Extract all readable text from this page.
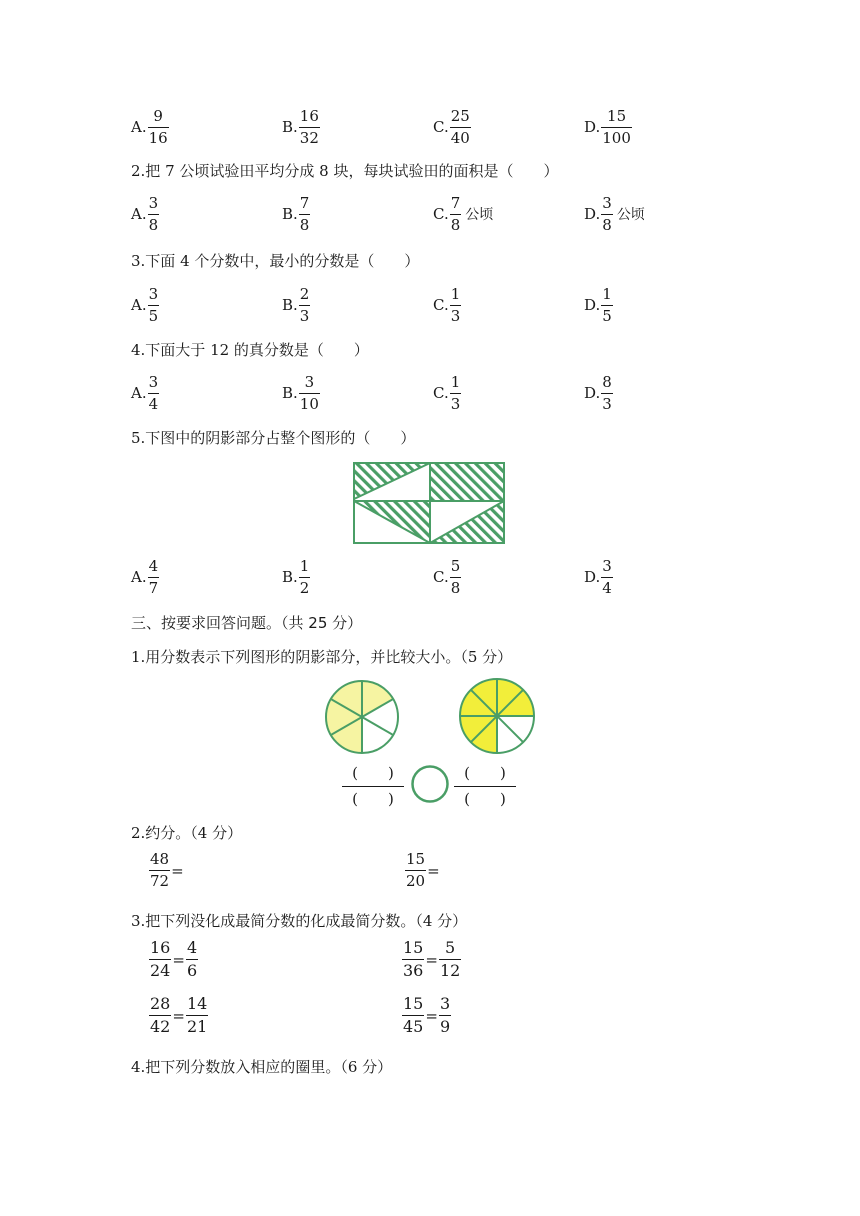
A. $\frac{9}{16}$	B. $\frac{16}{32}$	C. $\frac{25}{40}$	D. $\frac{15}{100}$
2.把 7 公顷试验田平均分成 8 块，每块试验田的面积是（　　）
A. $\frac{3}{8}$	B. $\frac{7}{8}$	C. $\frac{7}{8}$ 公顷	D. $\frac{3}{8}$ 公顷
3.下面 4 个分数中，最小的分数是（　　）
A. $\frac{3}{5}$	B. $\frac{2}{3}$	C. $\frac{1}{3}$	D. $\frac{1}{5}$
4.下面大于 12 的真分数是（　　）
A. $\frac{3}{4}$	B. $\frac{3}{10}$	C. $\frac{1}{3}$	D. $\frac{8}{3}$
5.下图中的阴影部分占整个图形的（　　）
A. $\frac{4}{7}$	B. $\frac{1}{2}$	C. $\frac{5}{8}$	D. $\frac{3}{4}$
三、按要求回答问题。（共 25 分）
1.用分数表示下列图形的阴影部分，并比较大小。（5 分）
(　　)
(　　)
(　　)
(　　)
2.约分。（4 分）
$\frac{48}{72}$ =	$\frac{15}{20}$ =
3.把下列没化成最简分数的化成最简分数。（4 分）
$\frac{16}{24} = \frac{4}{6}$	$\frac{15}{36} = \frac{5}{12}$
$\frac{28}{42} = \frac{14}{21}$	$\frac{15}{45} = \frac{3}{9}$
4.把下列分数放入相应的圈里。（6 分）
